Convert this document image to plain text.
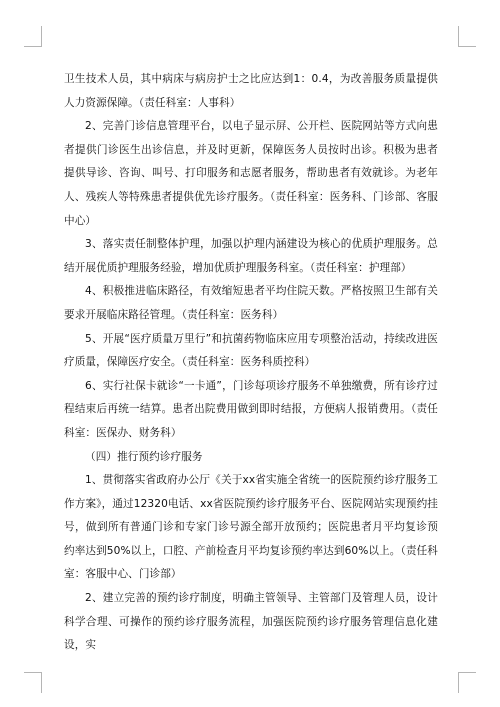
卫生技术人员，其中病床与病房护士之比应达到1：0.4，为改善服务质量提供人力资源保障。（责任科室：人事科）

2、完善门诊信息管理平台，以电子显示屏、公开栏、医院网站等方式向患者提供门诊医生出诊信息，并及时更新，保障医务人员按时出诊。积极为患者提供导诊、咨询、叫号、打印服务和志愿者服务，帮助患者有效就诊。为老年人、残疾人等特殊患者提供优先诊疗服务。（责任科室：医务科、门诊部、客服中心）

3、落实责任制整体护理，加强以护理内涵建设为核心的优质护理服务。总结开展优质护理服务经验，增加优质护理服务科室。（责任科室：护理部）

4、积极推进临床路径，有效缩短患者平均住院天数。严格按照卫生部有关要求开展临床路径管理。（责任科室：医务科）

5、开展“医疗质量万里行”和抗菌药物临床应用专项整治活动，持续改进医疗质量，保障医疗安全。（责任科室：医务科质控科）

6、实行社保卡就诊“一卡通”，门诊每项诊疗服务不单独缴费，所有诊疗过程结束后再统一结算。患者出院费用做到即时结报，方便病人报销费用。（责任科室：医保办、财务科）

（四）推行预约诊疗服务

1、贯彻落实省政府办公厅《关于xx省实施全省统一的医院预约诊疗服务工作方案》，通过12320电话、xx省医院预约诊疗服务平台、医院网站实现预约挂号，做到所有普通门诊和专家门诊号源全部开放预约；医院患者月平均复诊预约率达到50%以上，口腔、产前检查月平均复诊预约率达到60%以上。（责任科室：客服中心、门诊部）

2、建立完善的预约诊疗制度，明确主管领导、主管部门及管理人员，设计科学合理、可操作的预约诊疗服务流程，加强医院预约诊疗服务管理信息化建设，实
